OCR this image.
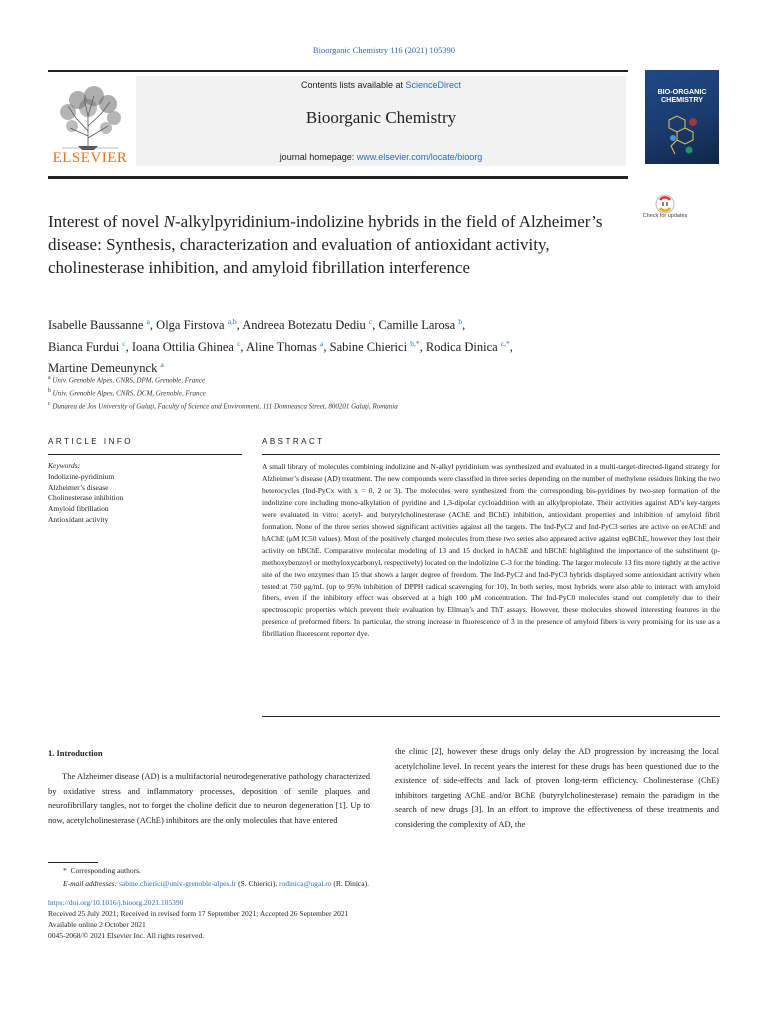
Bioorganic Chemistry 116 (2021) 105390
ELSEVIER
Contents lists available at ScienceDirect
Bioorganic Chemistry
journal homepage: www.elsevier.com/locate/bioorg
BIO-ORGANIC
CHEMISTRY
Check for updates
Interest of novel N-alkylpyridinium-indolizine hybrids in the field of Alzheimer’s disease: Synthesis, characterization and evaluation of antioxidant activity, cholinesterase inhibition, and amyloid fibrillation interference
Isabelle Baussanne $^a$, Olga Firstova $^{a,b}$, Andreea Botezatu Dediu $^c$, Camille Larosa $^b$,
Bianca Furdui $^c$, Ioana Ottilia Ghinea $^c$, Aline Thomas $^a$, Sabine Chierici $^{b,*}$, Rodica Dinica $^{c,*}$,
Martine Demeunynck $^a$
$^a$ Univ. Grenoble Alpes, CNRS, DPM, Grenoble, France
$^b$ Univ. Grenoble Alpes, CNRS, DCM, Grenoble, France
$^c$ Dunarea de Jos University of Galați, Faculty of Science and Environment, 111 Domneasca Street, 800201 Galați, Romania
ARTICLE INFO
Keywords:
Indolizine-pyridinium
Alzheimer’s disease
Cholinesterase inhibition
Amyloid fibrillation
Antioxidant activity
ABSTRACT
A small library of molecules combining indolizine and N-alkyl pyridinium was synthesized and evaluated in a multi-target-directed-ligand strategy for Alzheimer’s disease (AD) treatment. The new compounds were classified in three series depending on the number of methylene residues linking the two heterocycles (Ind-PyCx with x = 0, 2 or 3). The molecules were synthesized from the corresponding bis-pyridines by two-step formation of the indolizine core including mono-alkylation of pyridine and 1,3-dipolar cycloaddition with an alkylpropiolate. Their activities against AD’s key-targets were evaluated in vitro: acetyl- and butyrylcholinesterase (AChE and BChE) inhibition, antioxidant properties and inhibition of amyloid fibril formation. None of the three series showed significant activities against all the targets. The Ind-PyC2 and Ind-PyC3 series are active on eeAChE and hAChE (μM IC50 values). Most of the positively charged molecules from these two series also appeared active against eqBChE, however they lost their activity on hBChE. Comparative molecular modeling of 13 and 15 docked in hAChE and hBChE highlighted the importance of the substituent (p-methoxybenzoyl or methyloxycarbonyl, respectively) located on the indolizine C-3 for the binding. The larger molecule 13 fits more tightly at the active site of the two enzymes than 15 that shows a larger degree of freedom. The Ind-PyC2 and Ind-PyC3 hybrids displayed some antioxidant activity when tested at 750 μg/mL (up to 95% inhibition of DPPH radical scavenging for 10). In both series, most hybrids were also able to interact with amyloid fibers, even if the inhibitory effect was observed at a high 100 μM concentration. The Ind-PyC0 molecules stand out completely due to their spectroscopic properties which prevent their evaluation by Ellman’s and ThT assays. However, these molecules showed interesting features in the presence of preformed fibers. In particular, the strong increase in fluorescence of 3 in the presence of amyloid fibers is very promising for its use as a fibrillation fluorescent reporter dye.
1. Introduction

The Alzheimer disease (AD) is a multifactorial neurodegenerative pathology characterized by oxidative stress and inflammatory processes, deposition of senile plaques and neurofibrillary tangles, not to forget the choline deficit due to neuron degeneration [1]. Up to now, acetylcholinesterase (AChE) inhibitors are the only molecules that have entered

the clinic [2], however these drugs only delay the AD progression by increasing the local acetylcholine level. In recent years the interest for these drugs has been questioned due to the existence of side-effects and lack of proven long-term efficiency. Cholinesterase (ChE) inhibitors targeting AChE and/or BChE (butyrylcholinesterase) remain the paradigm in the search of new drugs [3]. In an effort to improve the effectiveness of these treatments and considering the complexity of AD, the

*  Corresponding authors.
E-mail addresses: sabine.chierici@univ-grenoble-alpes.fr (S. Chierici), rodinica@ugal.ro (R. Dinica).
https://doi.org/10.1016/j.bioorg.2021.105390
Received 25 July 2021; Received in revised form 17 September 2021; Accepted 26 September 2021
Available online 2 October 2021
0045-2068/© 2021 Elsevier Inc. All rights reserved.
